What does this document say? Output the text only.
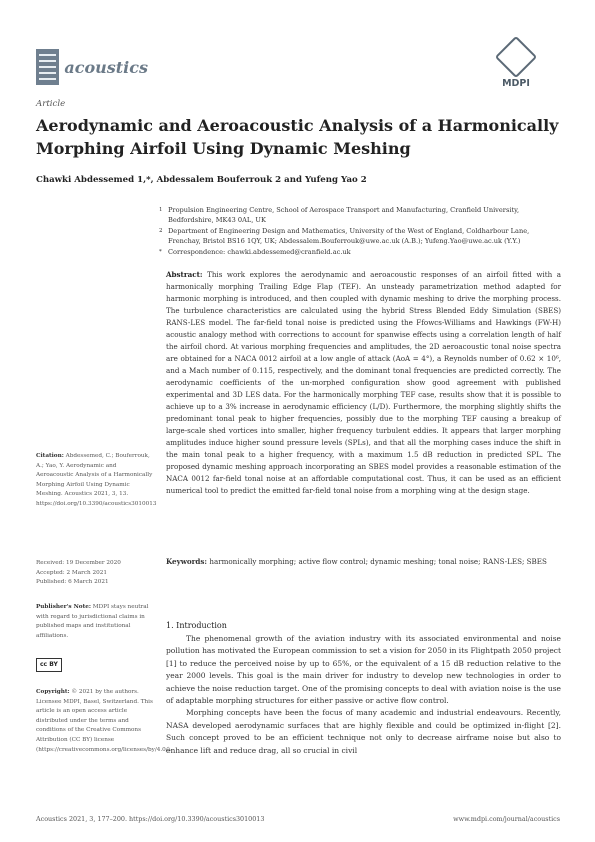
acoustics
MDPI
Article
Aerodynamic and Aeroacoustic Analysis of a Harmonically Morphing Airfoil Using Dynamic Meshing
Chawki Abdessemed 1,*, Abdessalem Bouferrouk 2 and Yufeng Yao 2
1 Propulsion Engineering Centre, School of Aerospace Transport and Manufacturing, Cranfield University, Bedfordshire, MK43 0AL, UK
2 Department of Engineering Design and Mathematics, University of the West of England, Coldharbour Lane, Frenchay, Bristol BS16 1QY, UK; Abdessalem.Bouferrouk@uwe.ac.uk (A.B.); Yufeng.Yao@uwe.ac.uk (Y.Y.)
* Correspondence: chawki.abdessemed@cranfield.ac.uk
Abstract: This work explores the aerodynamic and aeroacoustic responses of an airfoil fitted with a harmonically morphing Trailing Edge Flap (TEF). An unsteady parametrization method adapted for harmonic morphing is introduced, and then coupled with dynamic meshing to drive the morphing process. The turbulence characteristics are calculated using the hybrid Stress Blended Eddy Simulation (SBES) RANS-LES model. The far-field tonal noise is predicted using the Ffowcs-Williams and Hawkings (FW-H) acoustic analogy method with corrections to account for spanwise effects using a correlation length of half the airfoil chord. At various morphing frequencies and amplitudes, the 2D aeroacoustic tonal noise spectra are obtained for a NACA 0012 airfoil at a low angle of attack (AoA = 4°), a Reynolds number of 0.62 × 10⁶, and a Mach number of 0.115, respectively, and the dominant tonal frequencies are predicted correctly. The aerodynamic coefficients of the un-morphed configuration show good agreement with published experimental and 3D LES data. For the harmonically morphing TEF case, results show that it is possible to achieve up to a 3% increase in aerodynamic efficiency (L/D). Furthermore, the morphing slightly shifts the predominant tonal peak to higher frequencies, possibly due to the morphing TEF causing a breakup of large-scale shed vortices into smaller, higher frequency turbulent eddies. It appears that larger morphing amplitudes induce higher sound pressure levels (SPLs), and that all the morphing cases induce the shift in the main tonal peak to a higher frequency, with a maximum 1.5 dB reduction in predicted SPL. The proposed dynamic meshing approach incorporating an SBES model provides a reasonable estimation of the NACA 0012 far-field tonal noise at an affordable computational cost. Thus, it can be used as an efficient numerical tool to predict the emitted far-field tonal noise from a morphing wing at the design stage.
Keywords: harmonically morphing; active flow control; dynamic meshing; tonal noise; RANS-LES; SBES
Citation: Abdessemed, C.; Bouferrouk, A.; Yao, Y. Aerodynamic and Aeroacoustic Analysis of a Harmonically Morphing Airfoil Using Dynamic Meshing. Acoustics 2021, 3, 13. https://doi.org/10.3390/acoustics3010013
Received: 19 December 2020
Accepted: 2 March 2021
Published: 6 March 2021
Publisher's Note: MDPI stays neutral with regard to jurisdictional claims in published maps and institutional affiliations.
cc BY
Copyright: © 2021 by the authors. Licensee MDPI, Basel, Switzerland. This article is an open access article distributed under the terms and conditions of the Creative Commons Attribution (CC BY) license (https://creativecommons.org/licenses/by/4.0/).
1. Introduction

The phenomenal growth of the aviation industry with its associated environmental and noise pollution has motivated the European commission to set a vision for 2050 in its Flightpath 2050 project [1] to reduce the perceived noise by up to 65%, or the equivalent of a 15 dB reduction relative to the year 2000 levels. This goal is the main driver for industry to develop new technologies in order to achieve the noise reduction target. One of the promising concepts to deal with aviation noise is the use of adaptable morphing structures for either passive or active flow control.

Morphing concepts have been the focus of many academic and industrial endeavours. Recently, NASA developed aerodynamic surfaces that are highly flexible and could be optimized in-flight [2]. Such concept proved to be an efficient technique not only to decrease airframe noise but also to enhance lift and reduce drag, all so crucial in civil

Acoustics 2021, 3, 177–200. https://doi.org/10.3390/acoustics3010013	www.mdpi.com/journal/acoustics
